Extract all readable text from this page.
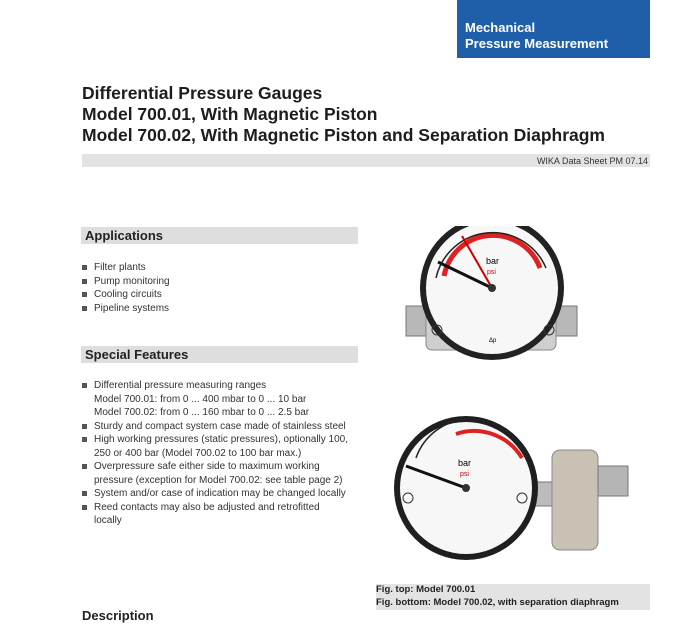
Mechanical
Pressure Measurement
Differential Pressure Gauges
Model 700.01, With Magnetic Piston
Model 700.02, With Magnetic Piston and Separation Diaphragm
WIKA Data Sheet PM 07.14
Applications
Filter plants
Pump monitoring
Cooling circuits
Pipeline systems
Special Features
Differential pressure measuring ranges
Model 700.01: from 0 ... 400 mbar to 0 ... 10 bar
Model 700.02: from 0 ... 160 mbar to 0 ... 2.5 bar
Sturdy and compact system case made of stainless steel
High working pressures (static pressures), optionally 100,
250 or 400 bar (Model 700.02 to 100 bar max.)
Overpressure safe either side to maximum working
pressure (exception for Model 700.02: see table page 2)
System and/or case of indication may be changed locally
Reed contacts may also be adjusted and retrofitted
locally
bar
psi
Δp
bar
psi
Fig. top: Model 700.01
Fig. bottom: Model 700.02, with separation diaphragm
Description
